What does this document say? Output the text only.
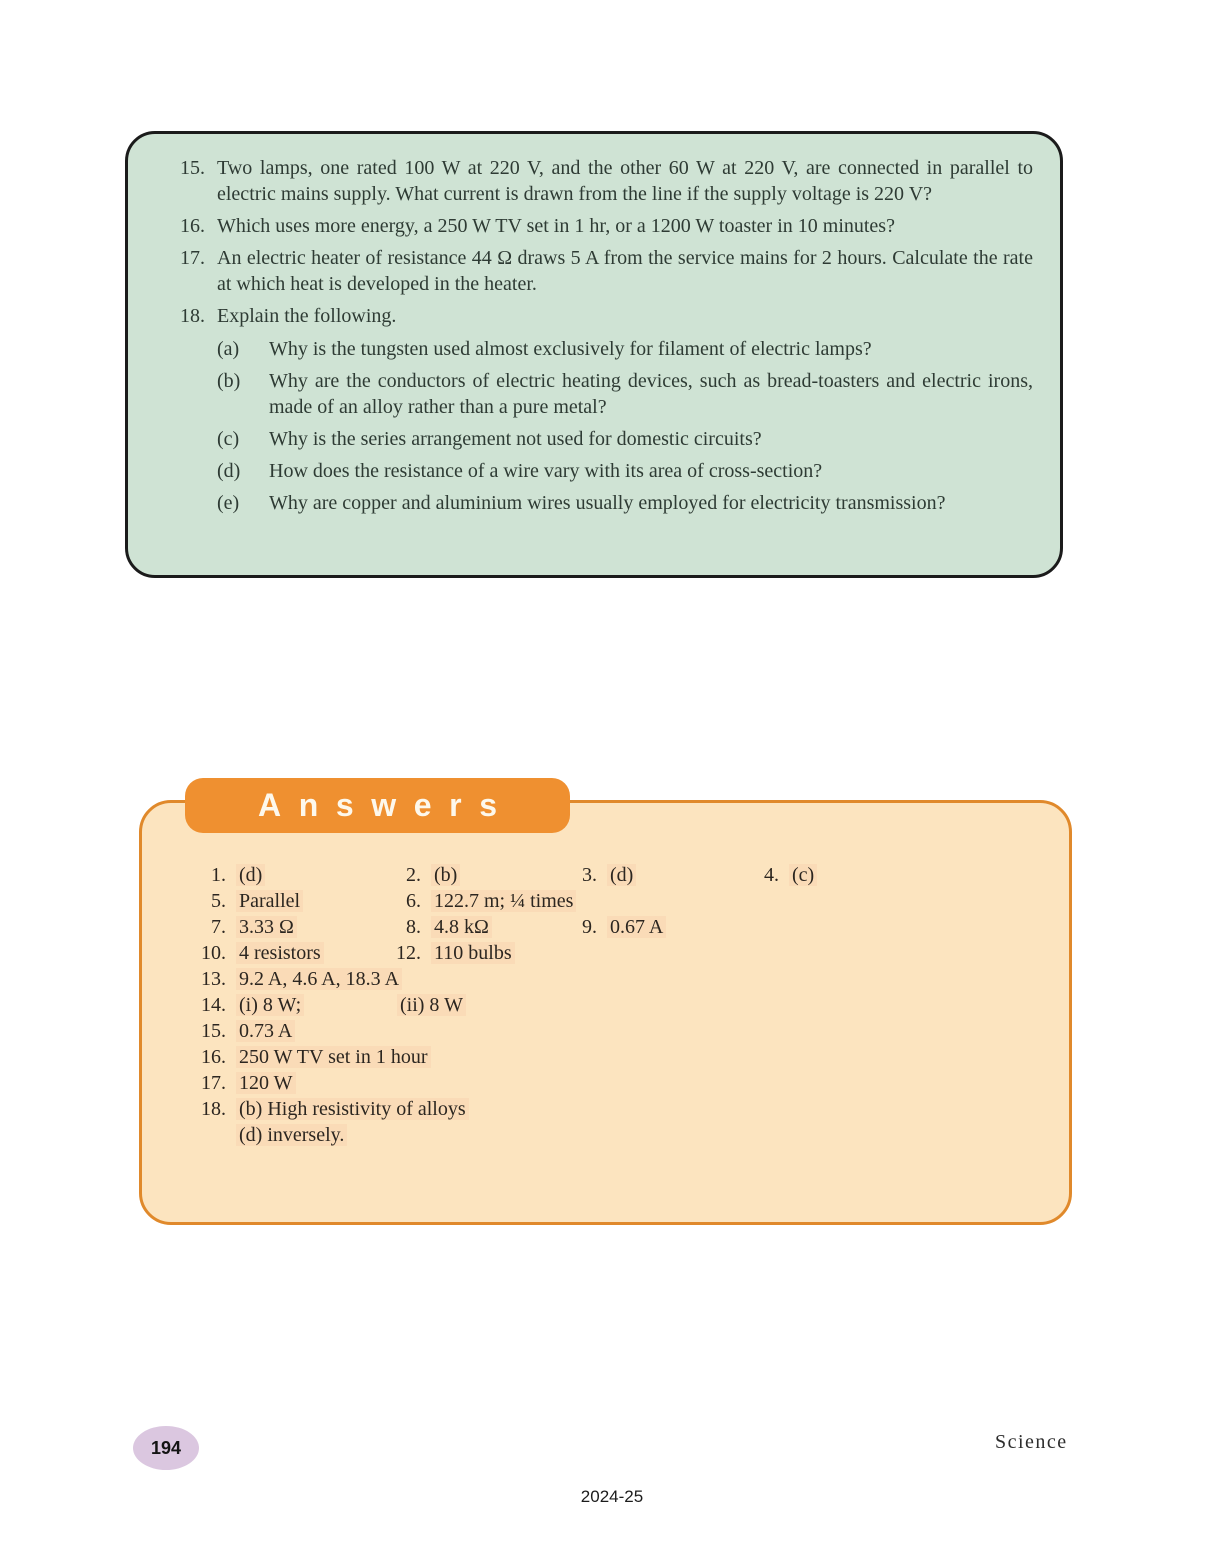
15. Two lamps, one rated 100 W at 220 V, and the other 60 W at 220 V, are connected in parallel to electric mains supply. What current is drawn from the line if the supply voltage is 220 V?

16. Which uses more energy, a 250 W TV set in 1 hr, or a 1200 W toaster in 10 minutes?

17. An electric heater of resistance 44 Ω draws 5 A from the service mains for 2 hours. Calculate the rate at which heat is developed in the heater.

18. Explain the following.

(a)	Why is the tungsten used almost exclusively for filament of electric lamps?

(b)	Why are the conductors of electric heating devices, such as bread-toasters and electric irons, made of an alloy rather than a pure metal?

(c)	Why is the series arrangement not used for domestic circuits?

(d)	How does the resistance of a wire vary with its area of cross-section?

(e)	Why are copper and aluminium wires usually employed for electricity transmission?

Answers
1. (d)	2. (b)	3. (d)	4. (c)
5. Parallel	6. 122.7 m; ¼ times
7. 3.33 Ω	8. 4.8 kΩ	9. 0.67 A
10. 4 resistors	12. 110 bulbs
13. 9.2 A, 4.6 A, 18.3 A
14. (i) 8 W;	(ii) 8 W
15. 0.73 A
16. 250 W TV set in 1 hour
17. 120 W
18. (b) High resistivity of alloys
(d) inversely.
194	Science
2024-25
